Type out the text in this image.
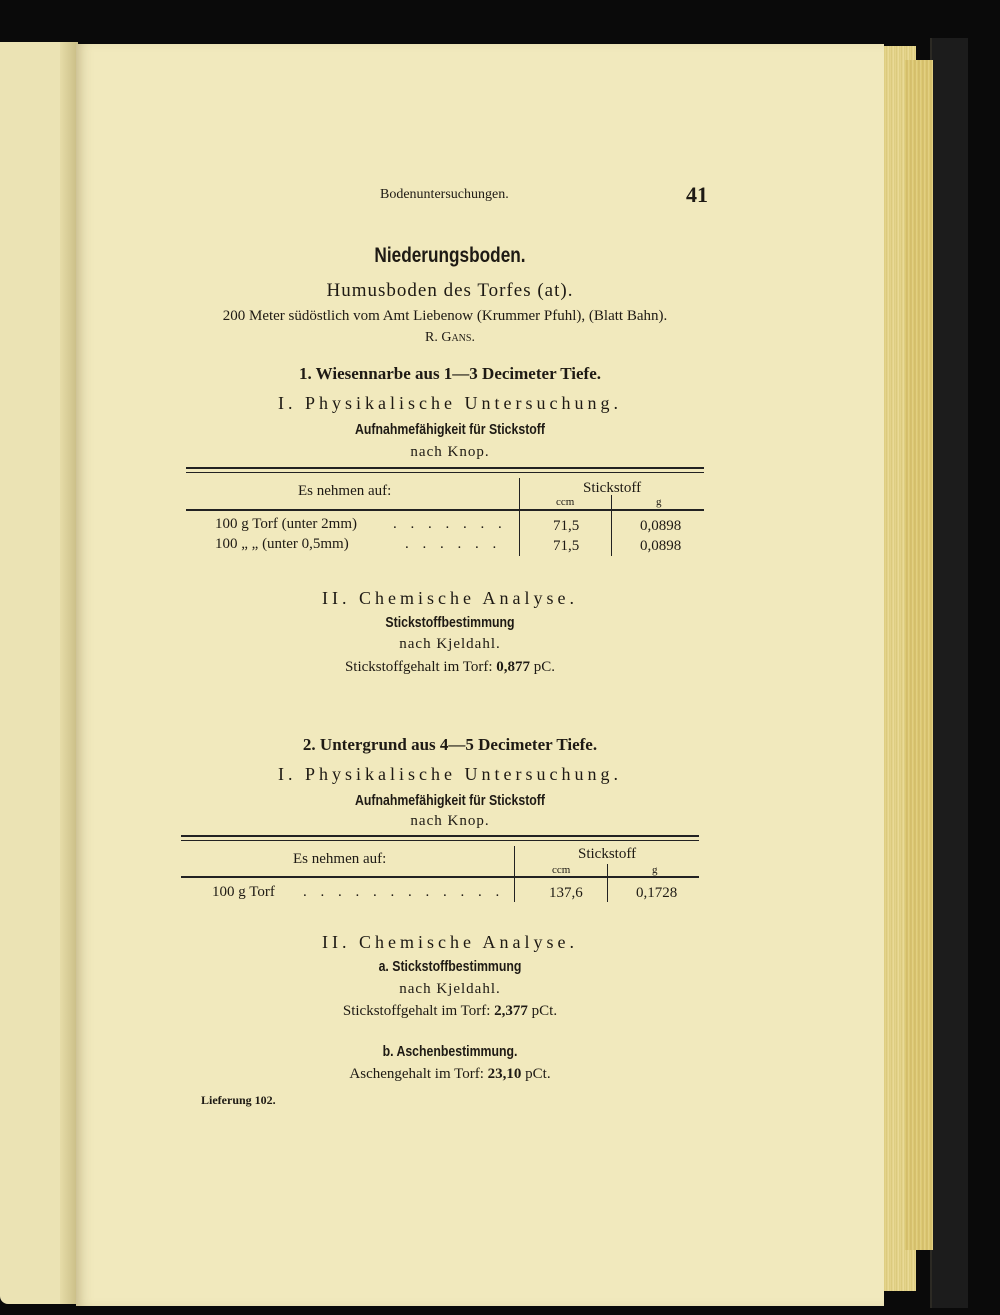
Bodenuntersuchungen.	41
Niederungsboden.
Humusboden des Torfes (at).
200 Meter südöstlich vom Amt Liebenow (Krummer Pfuhl), (Blatt Bahn).
R. Gans.
1. Wiesennarbe aus 1—3 Decimeter Tiefe.
I. Physikalische Untersuchung.
Aufnahmefähigkeit für Stickstoff
nach Knop.
Es nehmen auf:	Stickstoff
ccm	g
100 g Torf (unter 2mm) . . . . . . .	71,5	0,0898
100 „ „ (unter 0,5mm)	. . . . . .	71,5	0,0898
II. Chemische Analyse.
Stickstoffbestimmung
nach Kjeldahl.
Stickstoffgehalt im Torf: 0,877 pC.
2. Untergrund aus 4—5 Decimeter Tiefe.
I. Physikalische Untersuchung.
Aufnahmefähigkeit für Stickstoff
nach Knop.
Es nehmen auf:	Stickstoff
ccm	g
100 g Torf . . . . . . . . . . . .	137,6	0,1728
II. Chemische Analyse.
a. Stickstoffbestimmung
nach Kjeldahl.
Stickstoffgehalt im Torf: 2,377 pCt.
b. Aschenbestimmung.
Aschengehalt im Torf: 23,10 pCt.
Lieferung 102.
